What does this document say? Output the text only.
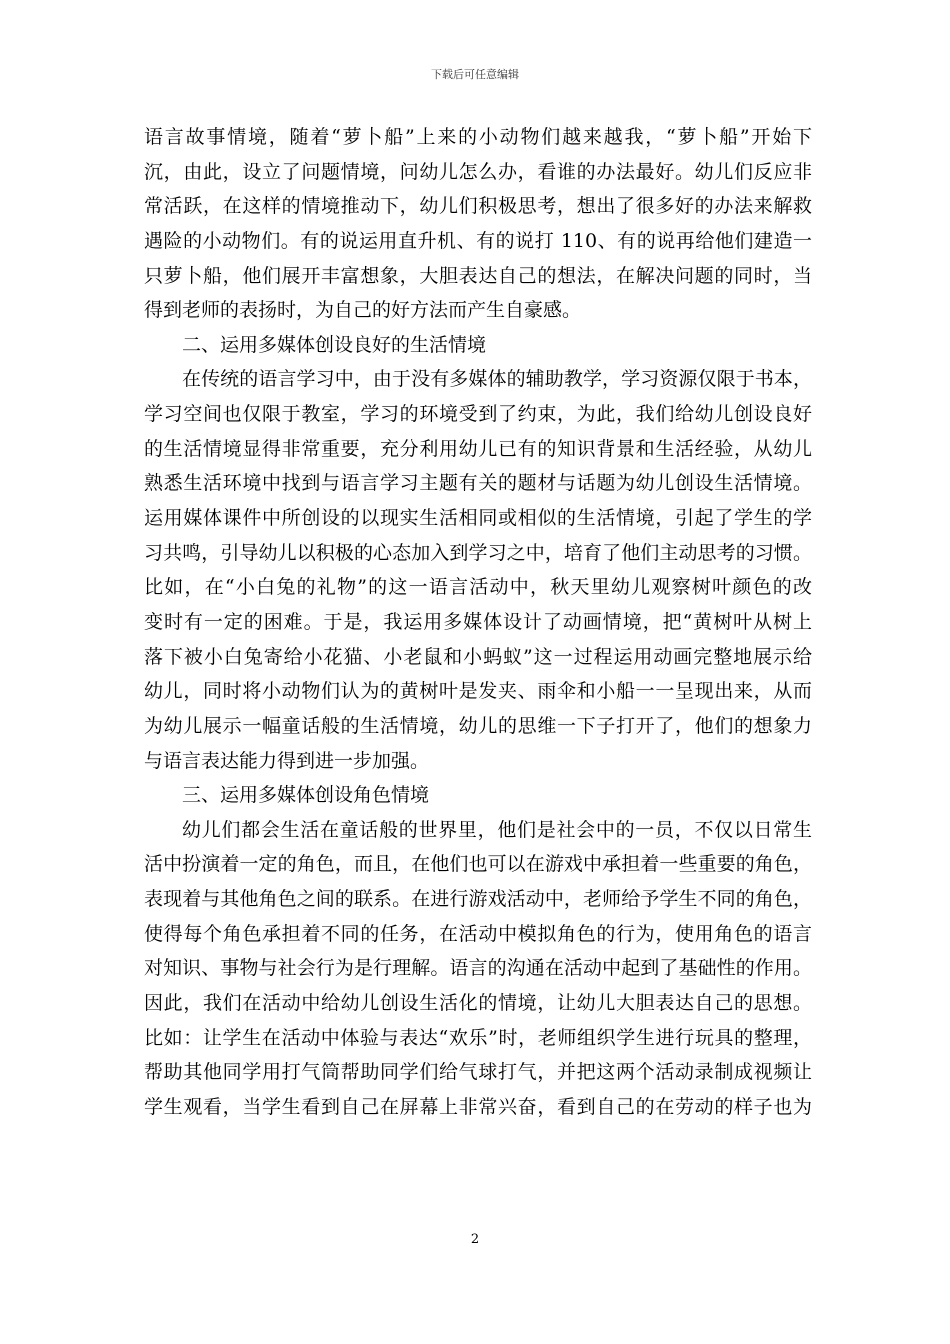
下载后可任意编辑
语言故事情境，随着“萝卜船”上来的小动物们越来越我，“萝卜船”开始下
沉，由此，设立了问题情境，问幼儿怎么办，看谁的办法最好。幼儿们反应非
常活跃，在这样的情境推动下，幼儿们积极思考，想出了很多好的办法来解救
遇险的小动物们。有的说运用直升机、有的说打 110、有的说再给他们建造一
只萝卜船，他们展开丰富想象，大胆表达自己的想法，在解决问题的同时，当
得到老师的表扬时，为自己的好方法而产生自豪感。
二、运用多媒体创设良好的生活情境
在传统的语言学习中，由于没有多媒体的辅助教学，学习资源仅限于书本，
学习空间也仅限于教室，学习的环境受到了约束，为此，我们给幼儿创设良好
的生活情境显得非常重要，充分利用幼儿已有的知识背景和生活经验，从幼儿
熟悉生活环境中找到与语言学习主题有关的题材与话题为幼儿创设生活情境。
运用媒体课件中所创设的以现实生活相同或相似的生活情境，引起了学生的学
习共鸣，引导幼儿以积极的心态加入到学习之中，培育了他们主动思考的习惯。
比如，在“小白兔的礼物”的这一语言活动中，秋天里幼儿观察树叶颜色的改
变时有一定的困难。于是，我运用多媒体设计了动画情境，把“黄树叶从树上
落下被小白兔寄给小花猫、小老鼠和小蚂蚁”这一过程运用动画完整地展示给
幼儿，同时将小动物们认为的黄树叶是发夹、雨伞和小船一一呈现出来，从而
为幼儿展示一幅童话般的生活情境，幼儿的思维一下子打开了，他们的想象力
与语言表达能力得到进一步加强。
三、运用多媒体创设角色情境
幼儿们都会生活在童话般的世界里，他们是社会中的一员，不仅以日常生
活中扮演着一定的角色，而且，在他们也可以在游戏中承担着一些重要的角色，
表现着与其他角色之间的联系。在进行游戏活动中，老师给予学生不同的角色，
使得每个角色承担着不同的任务，在活动中模拟角色的行为，使用角色的语言
对知识、事物与社会行为是行理解。语言的沟通在活动中起到了基础性的作用。
因此，我们在活动中给幼儿创设生活化的情境，让幼儿大胆表达自己的思想。
比如：让学生在活动中体验与表达“欢乐”时，老师组织学生进行玩具的整理，
帮助其他同学用打气筒帮助同学们给气球打气，并把这两个活动录制成视频让
学生观看，当学生看到自己在屏幕上非常兴奋，看到自己的在劳动的样子也为
2
